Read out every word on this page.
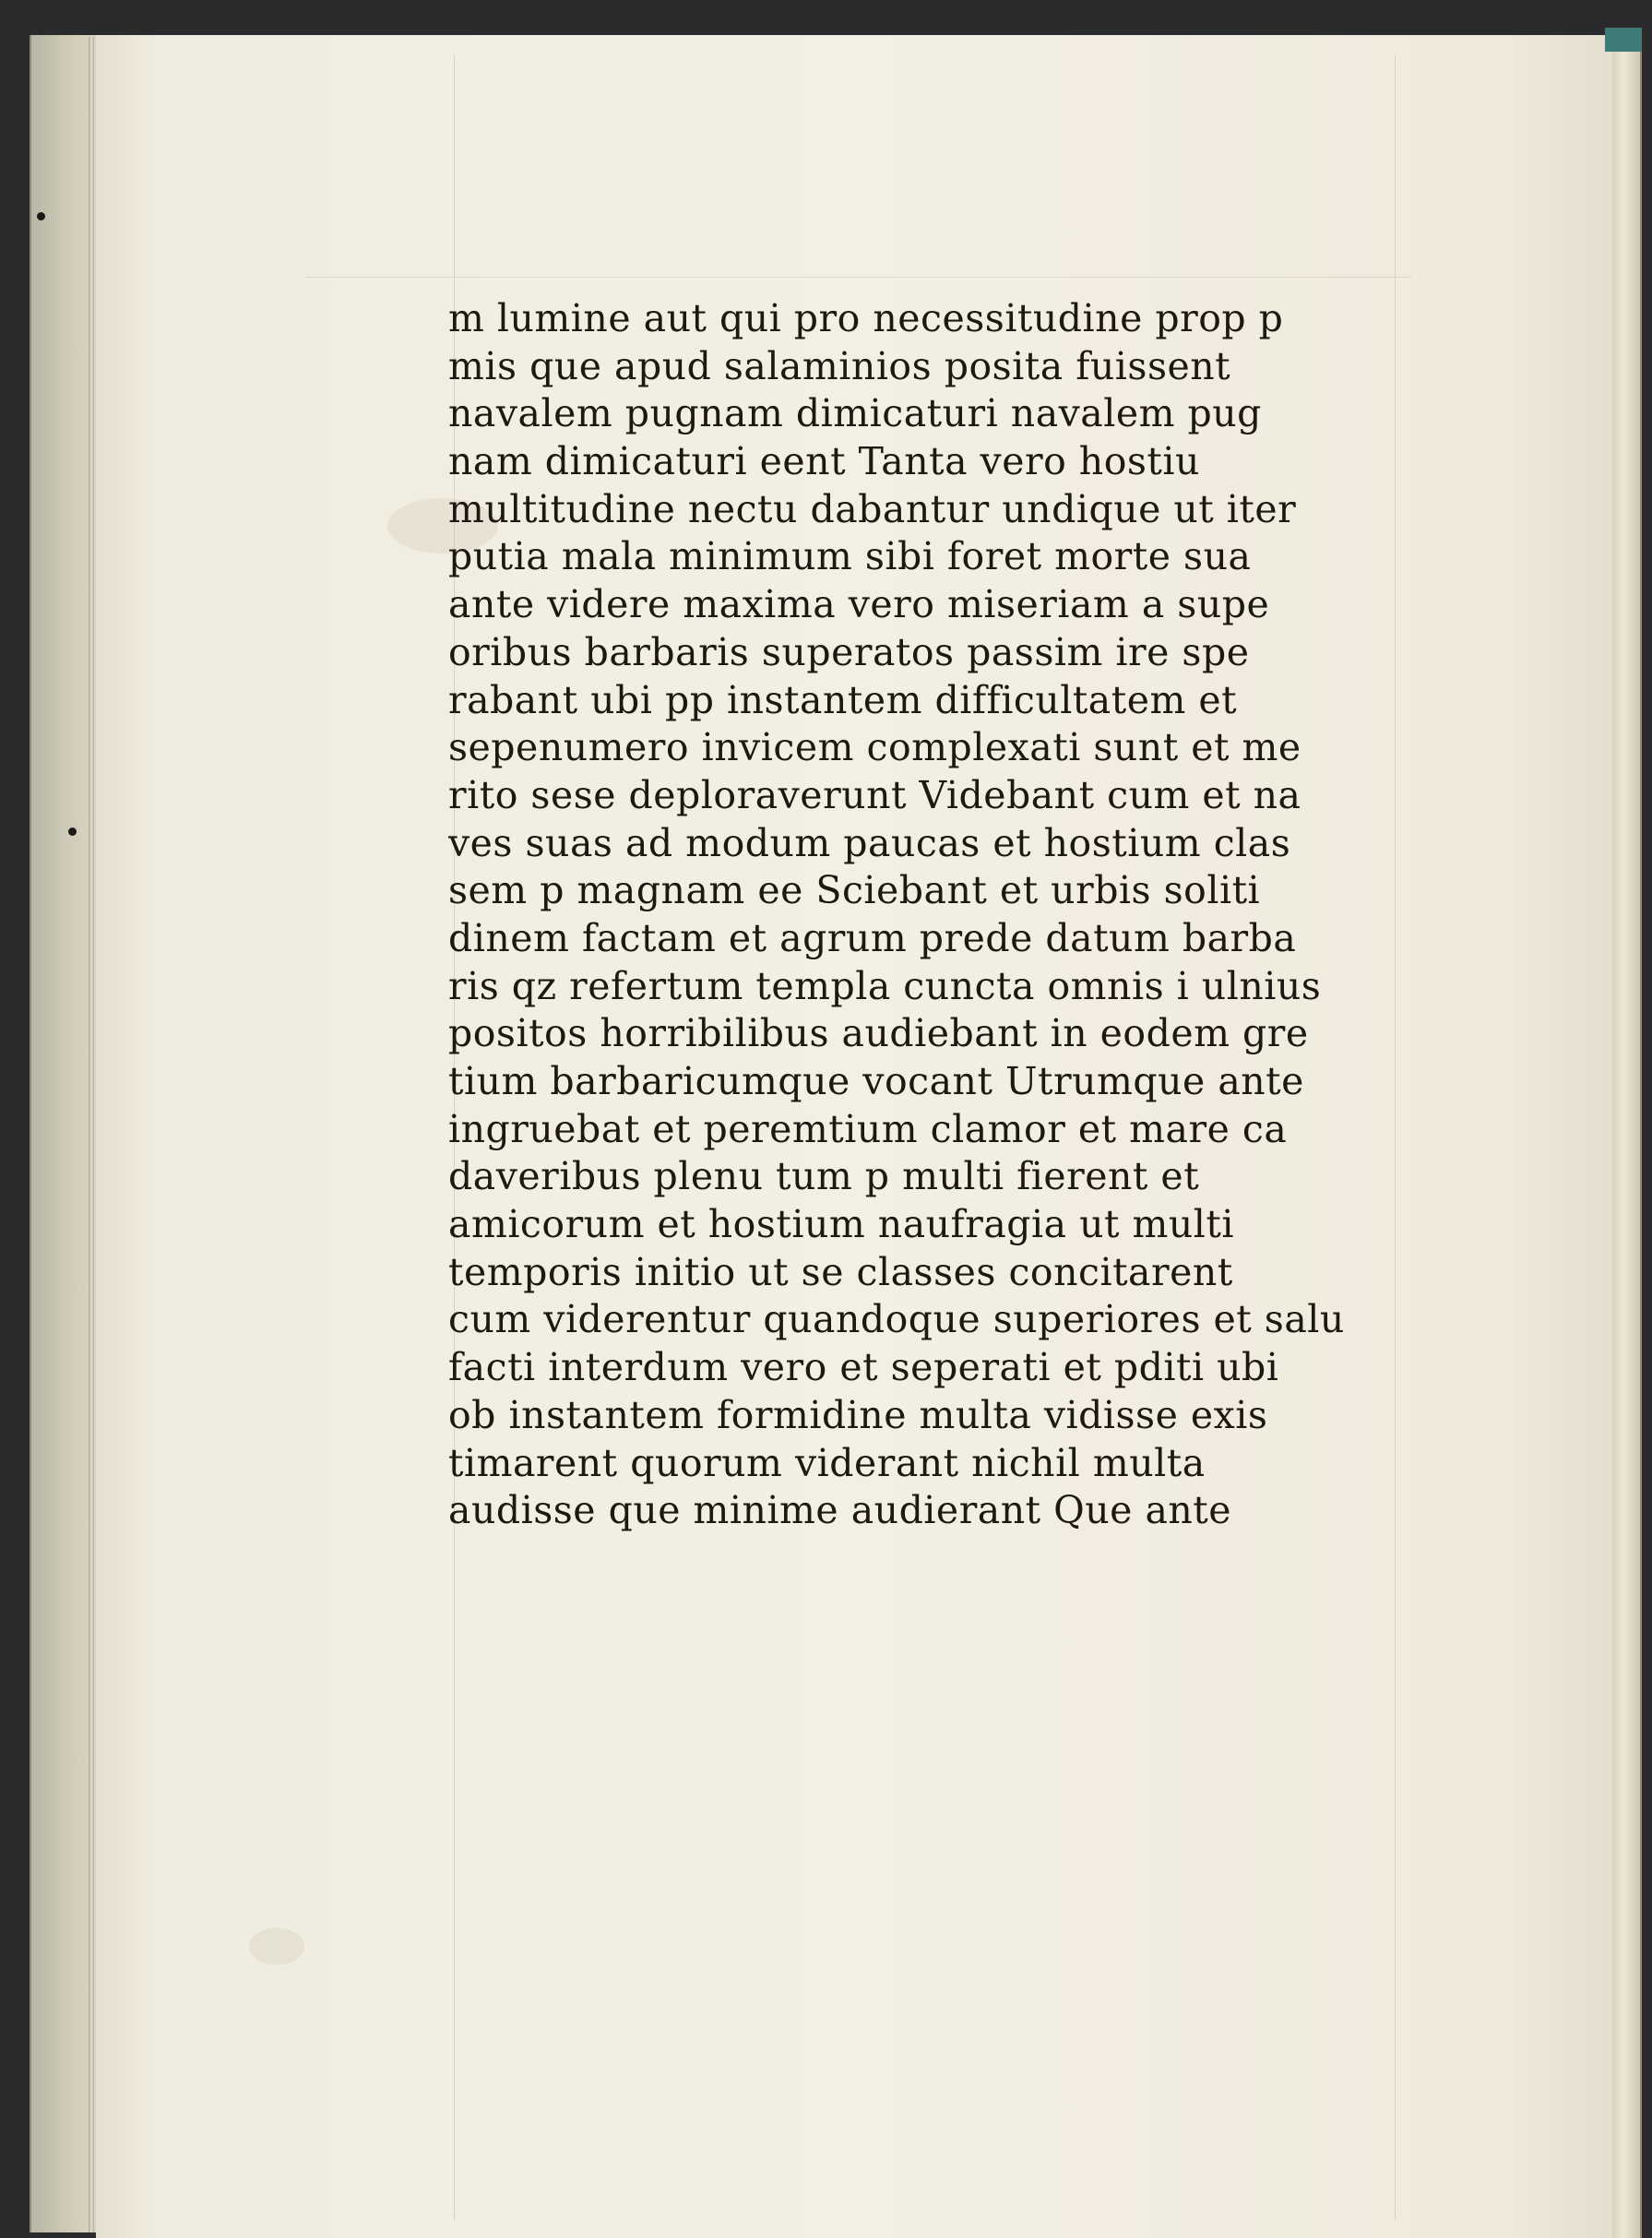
m lumine aut qui pro necessitudine prop p
mis que apud salaminios posita fuissent
navalem pugnam dimicaturi navalem pug
nam dimicaturi eent Tanta vero hostiu
multitudine nectu dabantur undique ut iter
putia mala minimum sibi foret morte sua
ante videre maxima vero miseriam a supe
oribus barbaris superatos passim ire spe
rabant ubi pp instantem difficultatem et
sepenumero invicem complexati sunt et me
rito sese deploraverunt Videbant cum et na
ves suas ad modum paucas et hostium clas
sem p magnam ee Sciebant et urbis soliti
dinem factam et agrum prede datum barba
ris qz refertum templa cuncta omnis i ulnius
positos horribilibus audiebant in eodem gre
tium barbaricumque vocant Utrumque ante
ingruebat et peremtium clamor et mare ca
daveribus plenu tum p multi fierent et
amicorum et hostium naufragia ut multi
temporis initio ut se classes concitarent
cum viderentur quandoque superiores et salu
facti interdum vero et seperati et pditi ubi
ob instantem formidine multa vidisse exis
timarent quorum viderant nichil multa
audisse que minime audierant Que ante
